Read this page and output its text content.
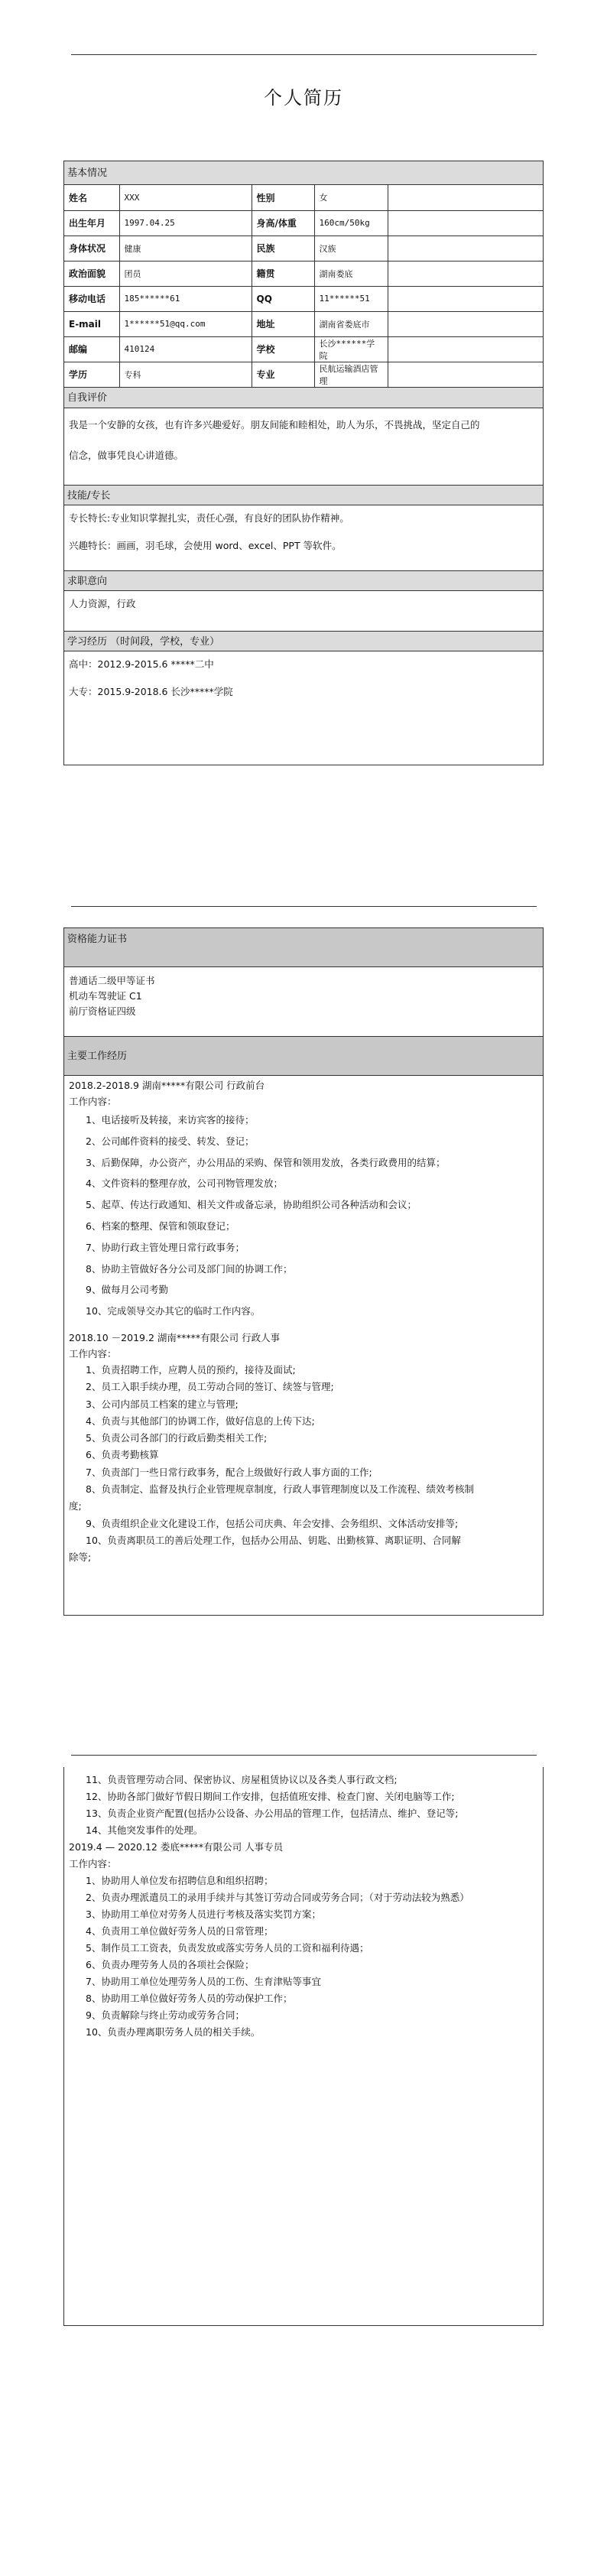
个人简历
基本情况
姓名	XXX	性别	女	
出生年月	1997.04.25	身高/体重	160cm/50kg	
身体状况	健康	民族	汉族	
政治面貌	团员	籍贯	湖南娄底	
移动电话	185******61	QQ	11******51	
E-mail	1******51@qq.com	地址	湖南省娄底市	
邮编	410124	学校	长沙******学院	
学历	专科	专业	民航运输酒店管理	
自我评价
我是一个安静的女孩，也有许多兴趣爱好。朋友间能和睦相处，助人为乐，不畏挑战，坚定自己的
信念，做事凭良心讲道德。
技能/专长
专长特长:专业知识掌握扎实，责任心强，有良好的团队协作精神。
兴趣特长：画画，羽毛球，会使用 word、excel、PPT 等软件。
求职意向
人力资源，行政
学习经历 （时间段，学校，专业）
高中：2012.9-2015.6 *****二中
大专：2015.9-2018.6 长沙*****学院
资格能力证书
普通话二级甲等证书
机动车驾驶证 C1
前厅资格证四级
主要工作经历
2018.2-2018.9 湖南*****有限公司 行政前台
工作内容：
1、电话接听及转接，来访宾客的接待；
2、公司邮件资料的接受、转发、登记；
3、后勤保障，办公资产，办公用品的采购、保管和领用发放，各类行政费用的结算；
4、文件资料的整理存放，公司刊物管理发放；
5、起草、传达行政通知、相关文件或备忘录，协助组织公司各种活动和会议；
6、档案的整理、保管和领取登记；
7、协助行政主管处理日常行政事务；
8、协助主管做好各分公司及部门间的协调工作；
9、做每月公司考勤
10、完成领导交办其它的临时工作内容。
2018.10 －2019.2 湖南*****有限公司 行政人事
工作内容：
1、负责招聘工作，应聘人员的预约，接待及面试;
2、员工入职手续办理，员工劳动合同的签订、续签与管理;
3、公司内部员工档案的建立与管理;
4、负责与其他部门的协调工作，做好信息的上传下达;
5、负责公司各部门的行政后勤类相关工作;
6、负责考勤核算
7、负责部门一些日常行政事务，配合上级做好行政人事方面的工作;
8、负责制定、监督及执行企业管理规章制度，行政人事管理制度以及工作流程、绩效考核制
度;
9、负责组织企业文化建设工作，包括公司庆典、年会安排、会务组织、文体活动安排等;
10、负责离职员工的善后处理工作，包括办公用品、钥匙、出勤核算、离职证明、合同解
除等;
11、负责管理劳动合同、保密协议、房屋租赁协议以及各类人事行政文档;
12、协助各部门做好节假日期间工作安排，包括值班安排、检查门窗、关闭电脑等工作;
13、负责企业资产配置(包括办公设备、办公用品的管理工作，包括清点、维护、登记等;
14、其他突发事件的处理。
2019.4 — 2020.12 娄底*****有限公司 人事专员
工作内容：
1、协助用人单位发布招聘信息和组织招聘；
2、负责办理派遣员工的录用手续并与其签订劳动合同或劳务合同；（对于劳动法较为熟悉）
3、协助用工单位对劳务人员进行考核及落实奖罚方案；
4、负责用工单位做好劳务人员的日常管理；
5、制作员工工资表，负责发放或落实劳务人员的工资和福利待遇；
6、负责办理劳务人员的各项社会保险；
7、协助用工单位处理劳务人员的工伤、生育津贴等事宜
8、协助用工单位做好劳务人员的劳动保护工作；
9、负责解除与终止劳动或劳务合同；
10、负责办理离职劳务人员的相关手续。
